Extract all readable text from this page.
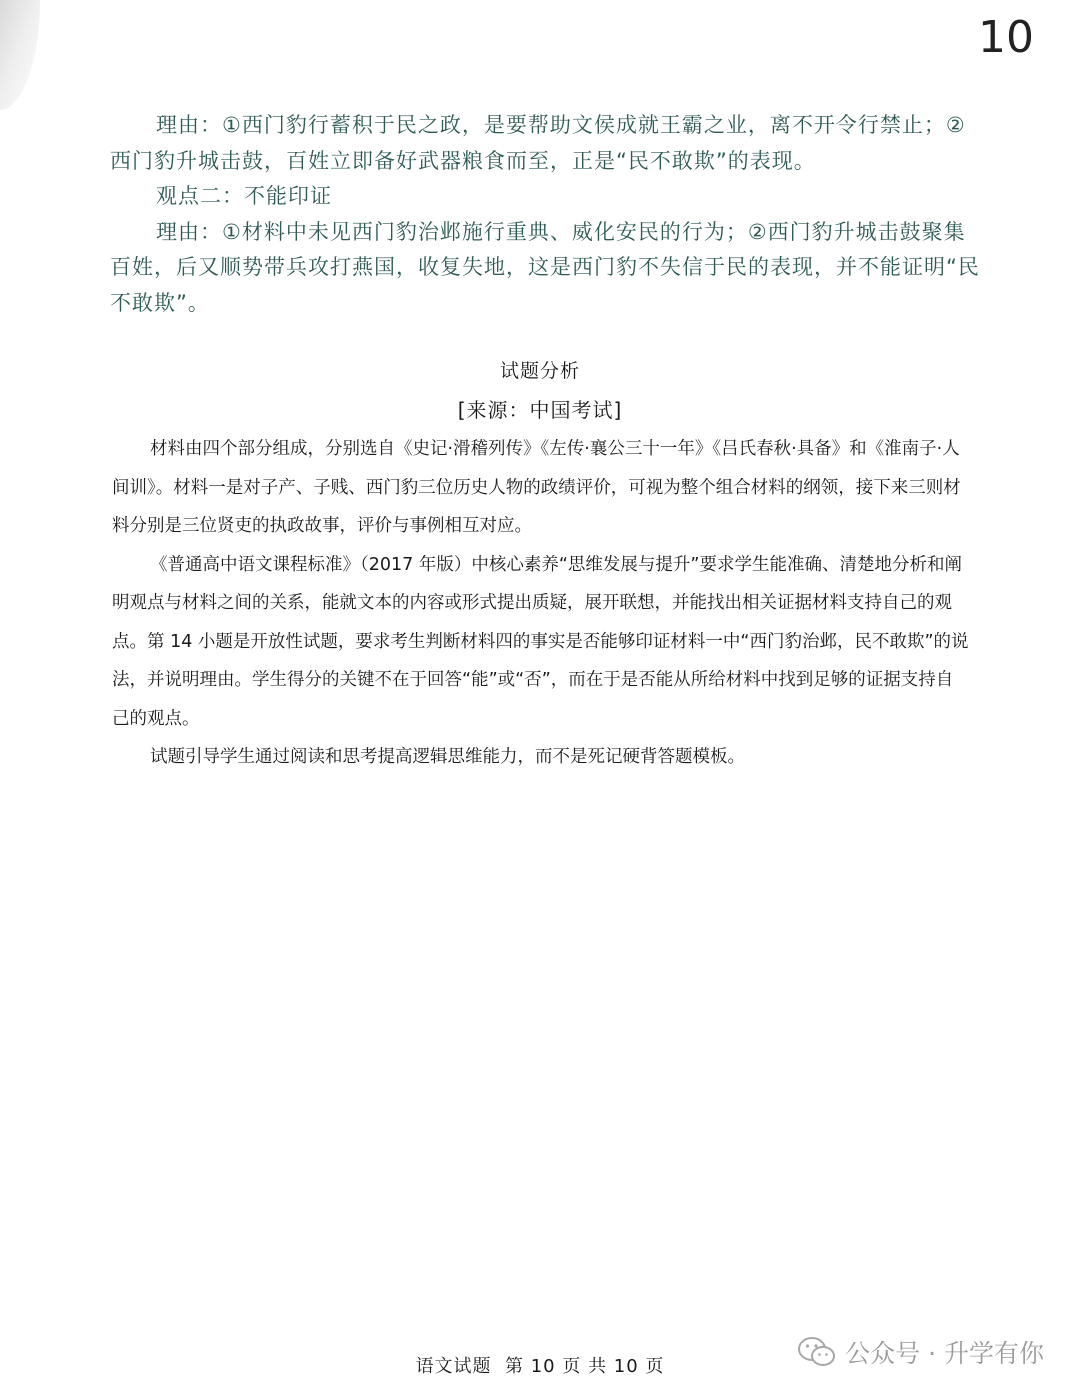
10

理由：①西门豹行蓄积于民之政，是要帮助文侯成就王霸之业，离不开令行禁止；②西门豹升城击鼓，百姓立即备好武器粮食而至，正是“民不敢欺”的表现。

观点二：不能印证

理由：①材料中未见西门豹治邺施行重典、威化安民的行为；②西门豹升城击鼓聚集百姓，后又顺势带兵攻打燕国，收复失地，这是西门豹不失信于民的表现，并不能证明“民不敢欺”。

试题分析
[来源：中国考试]

材料由四个部分组成，分别选自《史记·滑稽列传》《左传·襄公三十一年》《吕氏春秋·具备》和《淮南子·人间训》。材料一是对子产、子贱、西门豹三位历史人物的政绩评价，可视为整个组合材料的纲领，接下来三则材料分别是三位贤吏的执政故事，评价与事例相互对应。

《普通高中语文课程标准》（2017 年版）中核心素养“思维发展与提升”要求学生能准确、清楚地分析和阐明观点与材料之间的关系，能就文本的内容或形式提出质疑，展开联想，并能找出相关证据材料支持自己的观点。第 14 小题是开放性试题，要求考生判断材料四的事实是否能够印证材料一中“西门豹治邺，民不敢欺”的说法，并说明理由。学生得分的关键不在于回答“能”或“否”，而在于是否能从所给材料中找到足够的证据支持自己的观点。

试题引导学生通过阅读和思考提高逻辑思维能力，而不是死记硬背答题模板。

语文试题  第 10 页 共 10 页	公众号 · 升学有你
